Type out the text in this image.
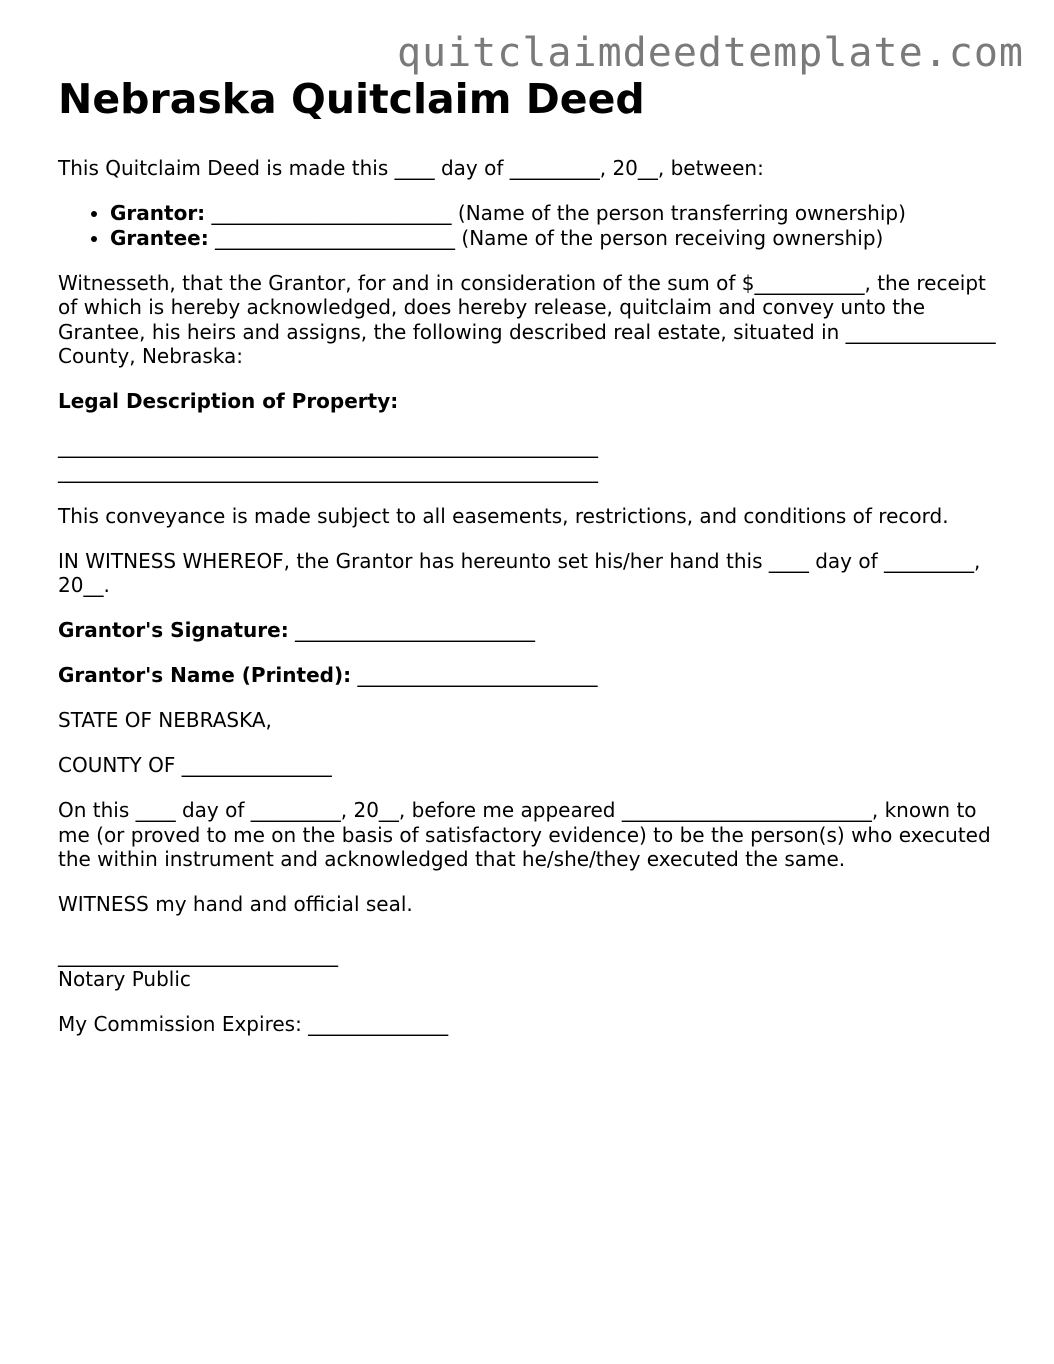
quitclaimdeedtemplate.com
Nebraska Quitclaim Deed

This Quitclaim Deed is made this ____ day of _________, 20__, between:

• Grantor: ________________________ (Name of the person transferring ownership)
• Grantee: ________________________ (Name of the person receiving ownership)

Witnesseth, that the Grantor, for and in consideration of the sum of $___________, the receipt of which is hereby acknowledged, does hereby release, quitclaim and convey unto the Grantee, his heirs and assigns, the following described real estate, situated in _______________ County, Nebraska:

Legal Description of Property:

______________________________________________________
______________________________________________________

This conveyance is made subject to all easements, restrictions, and conditions of record.

IN WITNESS WHEREOF, the Grantor has hereunto set his/her hand this ____ day of _________, 20__.

Grantor's Signature: ________________________

Grantor's Name (Printed): ________________________

STATE OF NEBRASKA,

COUNTY OF _______________

On this ____ day of _________, 20__, before me appeared _________________________, known to me (or proved to me on the basis of satisfactory evidence) to be the person(s) who executed the within instrument and acknowledged that he/she/they executed the same.

WITNESS my hand and official seal.

____________________________
Notary Public

My Commission Expires: ______________
